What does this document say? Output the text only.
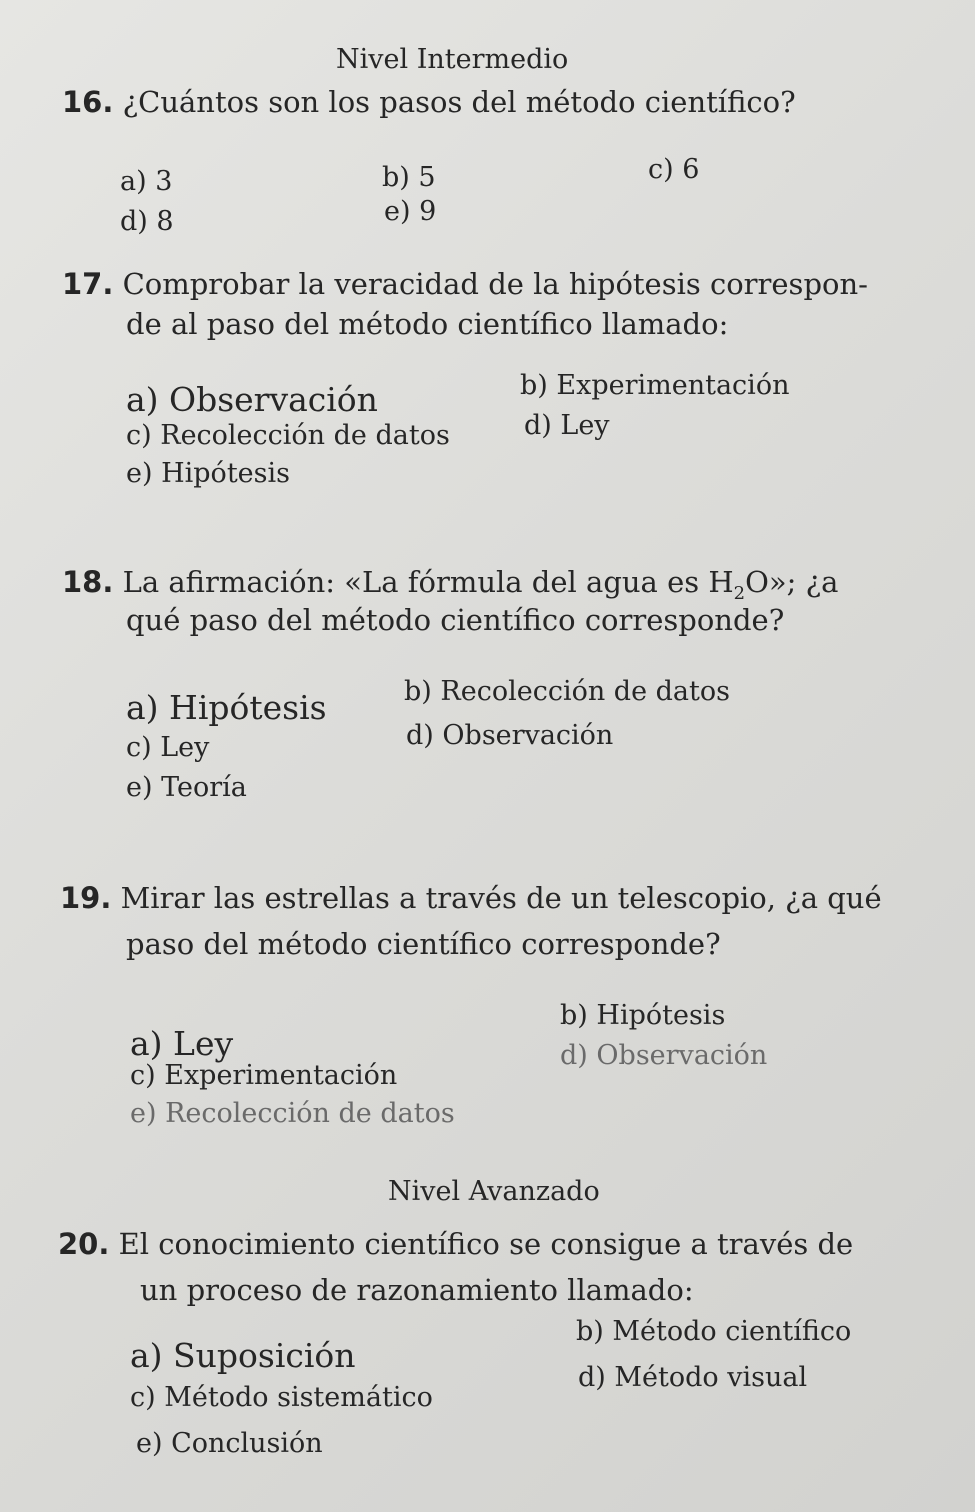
Nivel Intermedio
16. ¿Cuántos son los pasos del método científico?
a) 3	b) 5	c) 6
d) 8	e) 9
17. Comprobar la veracidad de la hipótesis correspon-
de al paso del método científico llamado:
a) Observación	b) Experimentación
c) Recolección de datos	d) Ley
e) Hipótesis
18. La afirmación: «La fórmula del agua es $H_2O$»; ¿a
qué paso del método científico corresponde?
a) Hipótesis	b) Recolección de datos
c) Ley	d) Observación
e) Teoría
19. Mirar las estrellas a través de un telescopio, ¿a qué
paso del método científico corresponde?
a) Ley
b) Hipótesis
c) Experimentación
d) Observación
e) Recolección de datos
Nivel Avanzado
20. El conocimiento científico se consigue a través de
un proceso de razonamiento llamado:
a) Suposición
b) Método científico
c) Método sistemático
d) Método visual
e) Conclusión
